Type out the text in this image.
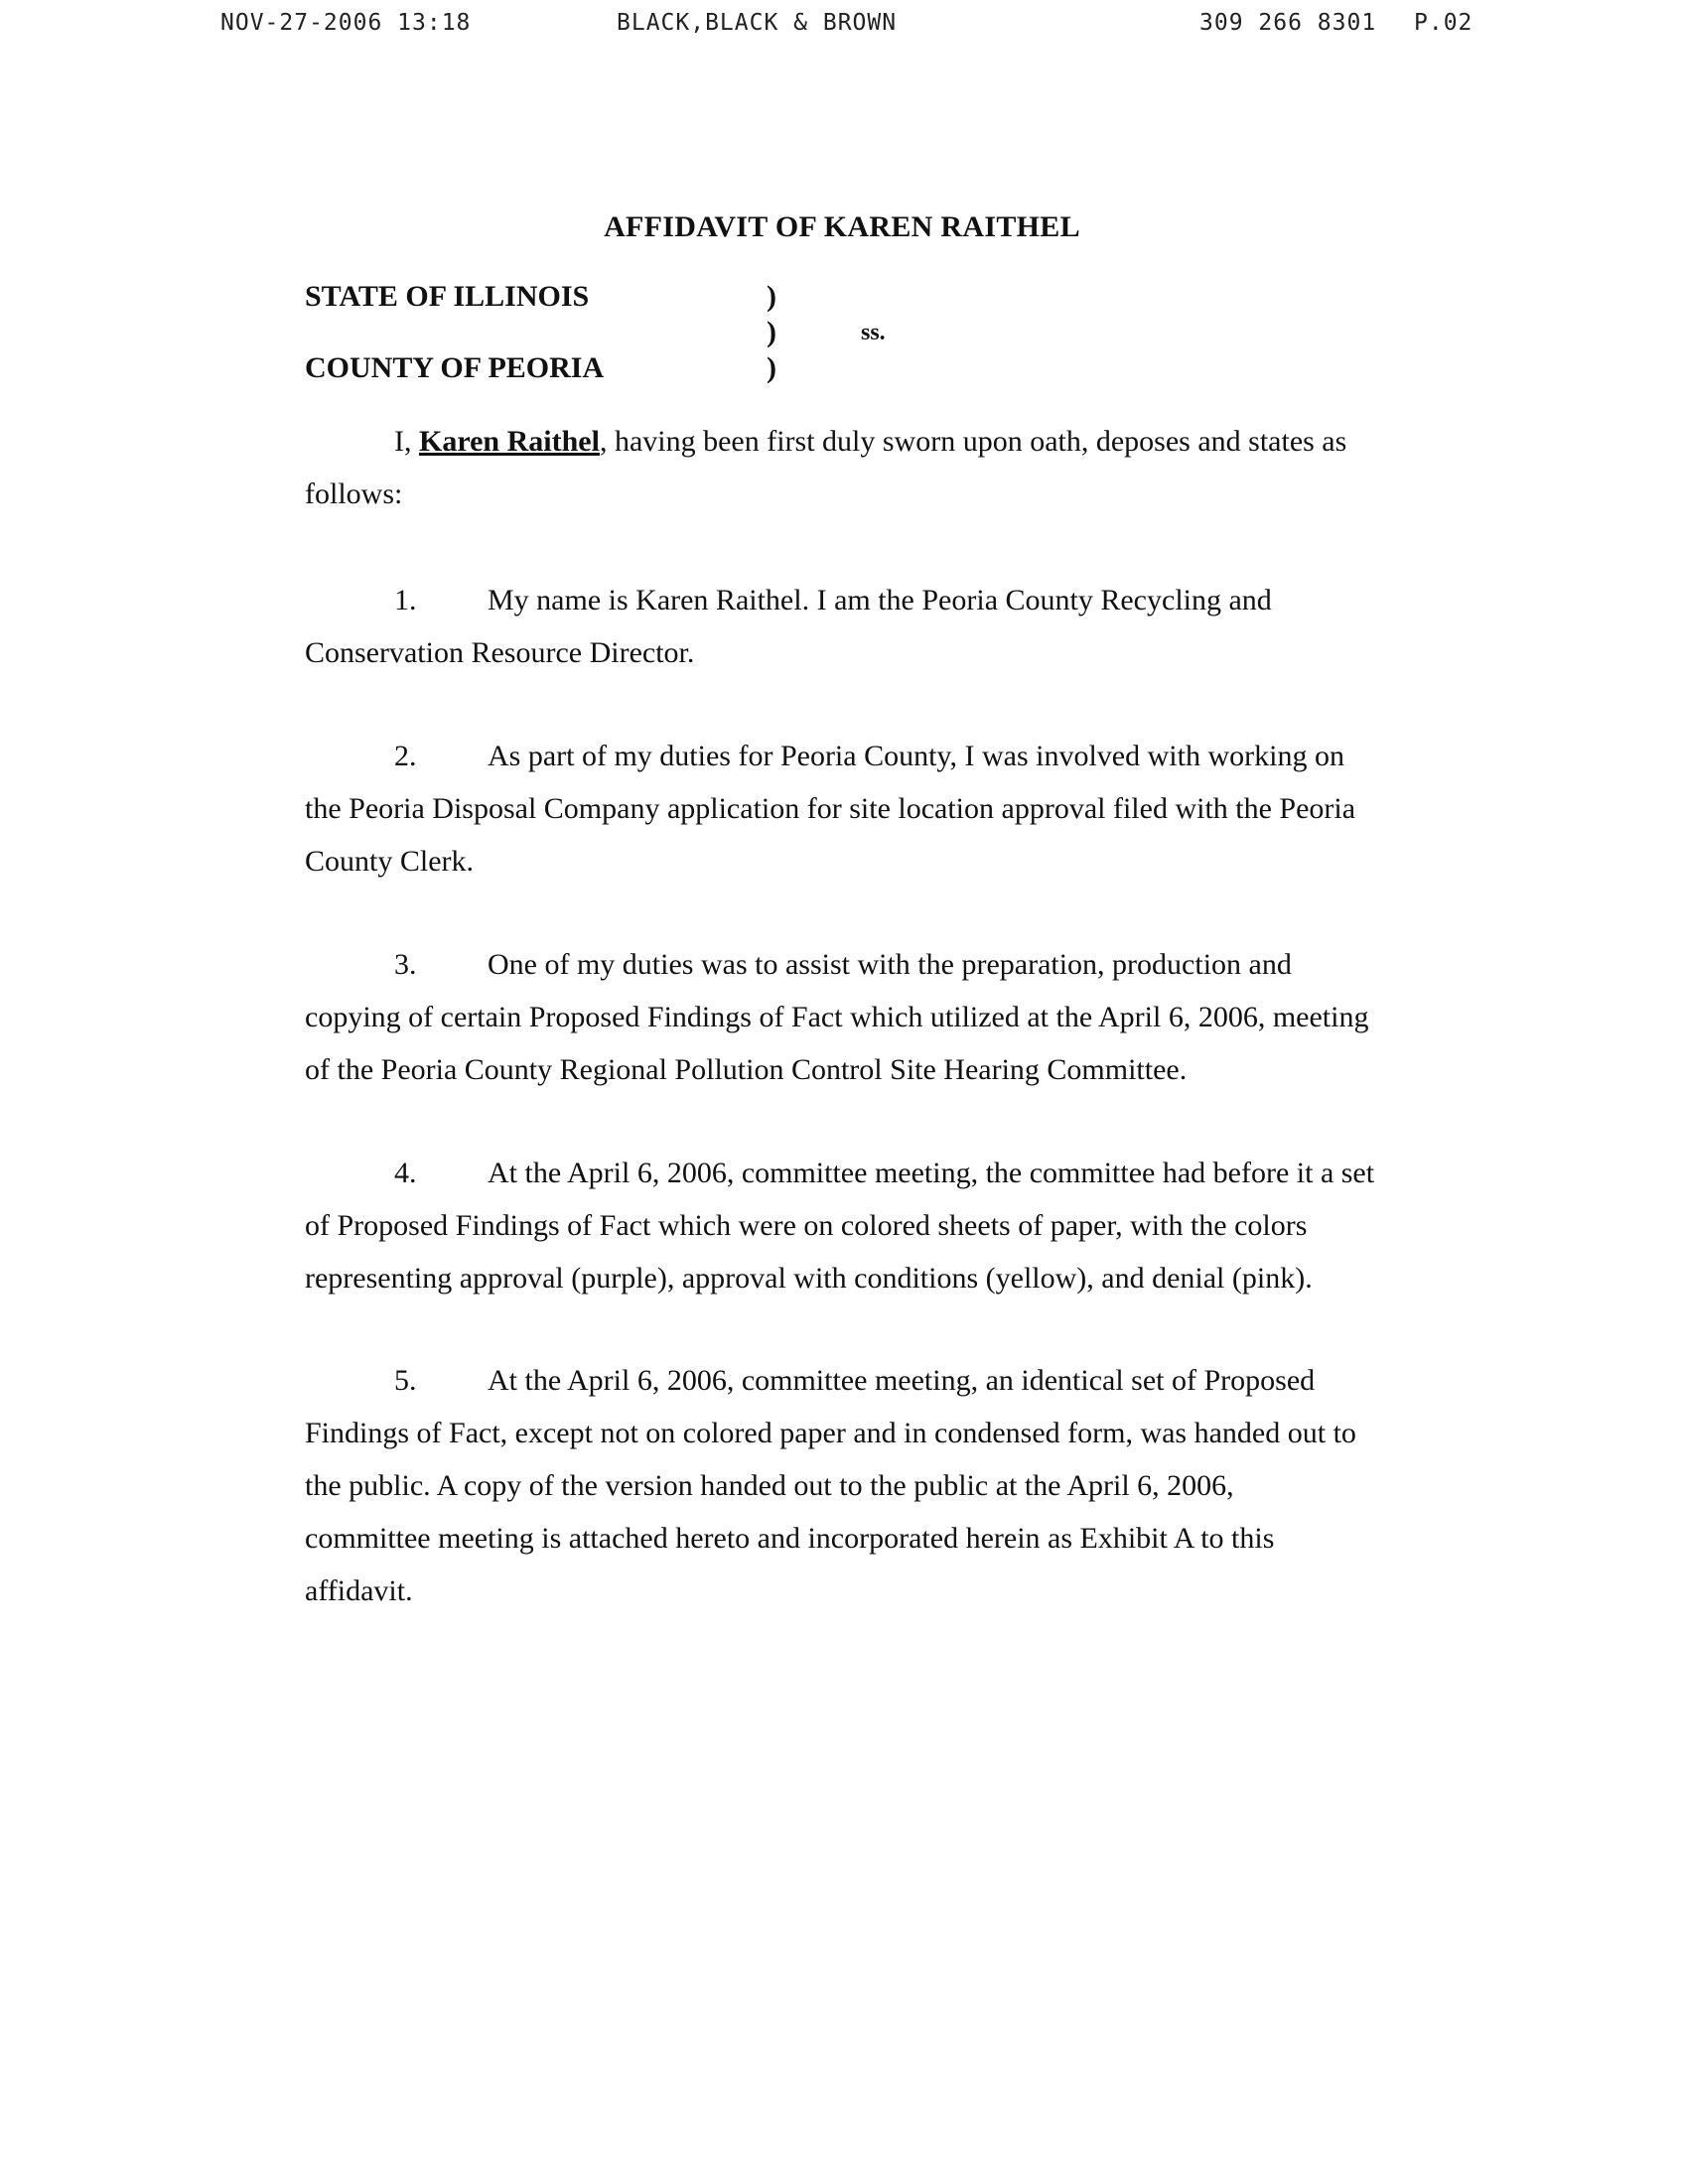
NOV-27-2006 13:18	BLACK,BLACK & BROWN	309 266 8301 P.02
AFFIDAVIT OF KAREN RAITHEL
STATE OF ILLINOIS
COUNTY OF PEORIA
)
)
)
ss.
I, Karen Raithel, having been first duly sworn upon oath, deposes and states as
follows:
1. My name is Karen Raithel. I am the Peoria County Recycling and
Conservation Resource Director.
2. As part of my duties for Peoria County, I was involved with working on
the Peoria Disposal Company application for site location approval filed with the Peoria
County Clerk.
3. One of my duties was to assist with the preparation, production and
copying of certain Proposed Findings of Fact which utilized at the April 6, 2006, meeting
of the Peoria County Regional Pollution Control Site Hearing Committee.
4. At the April 6, 2006, committee meeting, the committee had before it a set
of Proposed Findings of Fact which were on colored sheets of paper, with the colors
representing approval (purple), approval with conditions (yellow), and denial (pink).
5. At the April 6, 2006, committee meeting, an identical set of Proposed
Findings of Fact, except not on colored paper and in condensed form, was handed out to
the public. A copy of the version handed out to the public at the April 6, 2006,
committee meeting is attached hereto and incorporated herein as Exhibit A to this
affidavit.
